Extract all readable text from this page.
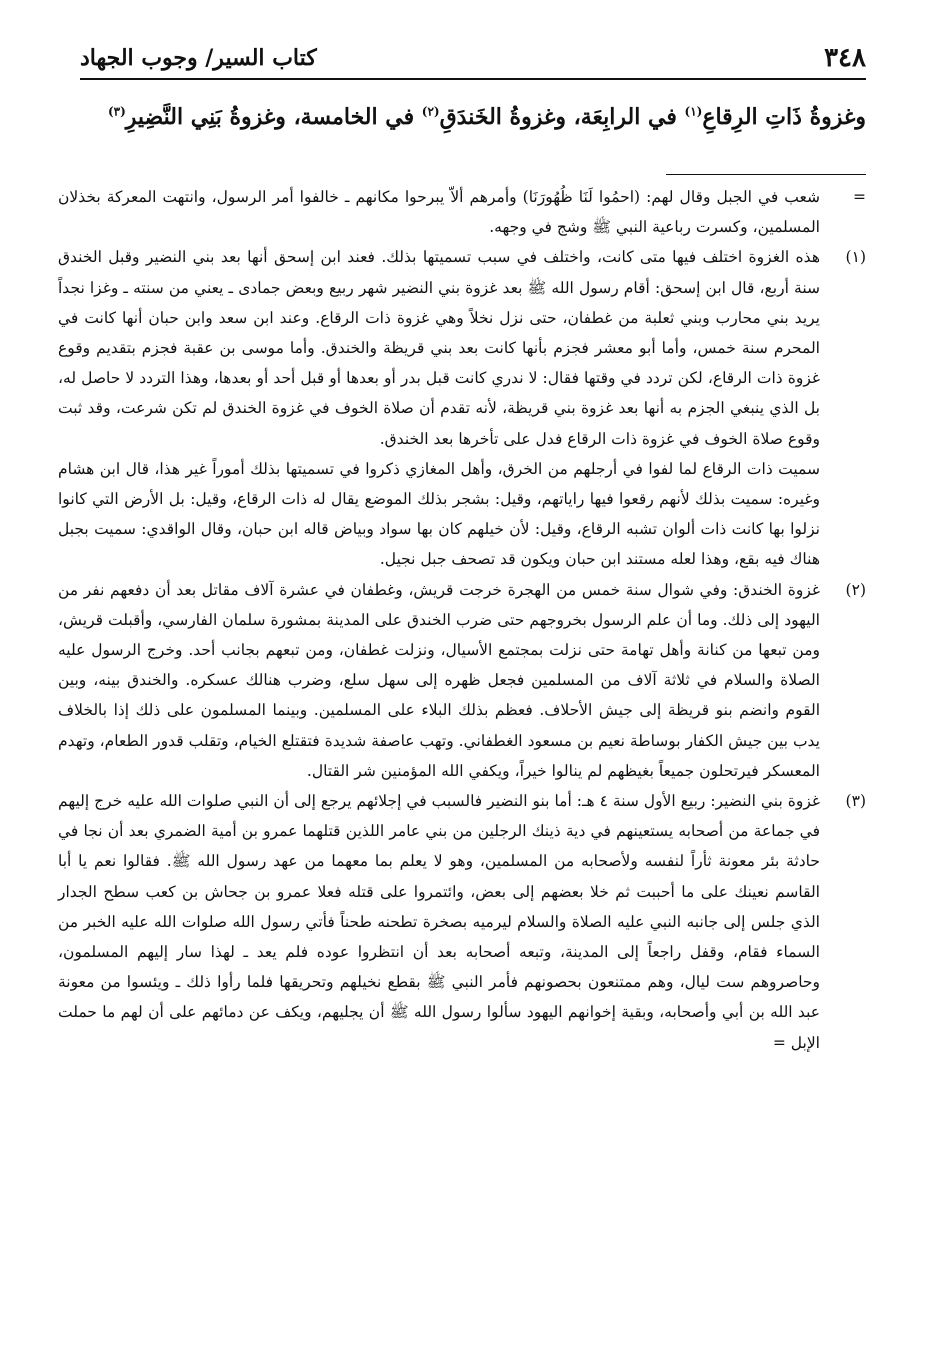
٣٤٨
كتاب السير/ وجوب الجهاد
وغزوةُ ذَاتِ الرِقاعِ$^{(١)}$ في الرابِعَة، وغزوةُ الخَندَقِ$^{(٢)}$ في الخامسة، وغزوةُ بَنِي النَّضِيرِ$^{(٣)}$
=

شعب في الجبل وقال لهم: (احمُوا لَنَا ظُهُورَنَا) وأمرهم ألاّ يبرحوا مكانهم ـ خالفوا أمر الرسول، وانتهت المعركة بخذلان المسلمين، وكسرت رباعية النبي ﷺ وشج في وجهه.

(١)

هذه الغزوة اختلف فيها متى كانت، واختلف في سبب تسميتها بذلك. فعند ابن إسحق أنها بعد بني النضير وقبل الخندق سنة أربع، قال ابن إسحق: أقام رسول الله ﷺ بعد غزوة بني النضير شهر ربيع وبعض جمادى ـ يعني من سنته ـ وغزا نجداً يريد بني محارب وبني ثعلبة من غطفان، حتى نزل نخلاً وهي غزوة ذات الرقاع. وعند ابن سعد وابن حبان أنها كانت في المحرم سنة خمس، وأما أبو معشر فجزم بأنها كانت بعد بني قريظة والخندق. وأما موسى بن عقبة فجزم بتقديم وقوع غزوة ذات الرقاع، لكن تردد في وقتها فقال: لا ندري كانت قبل بدر أو بعدها أو قبل أحد أو بعدها، وهذا التردد لا حاصل له، بل الذي ينبغي الجزم به أنها بعد غزوة بني قريظة، لأنه تقدم أن صلاة الخوف في غزوة الخندق لم تكن شرعت، وقد ثبت وقوع صلاة الخوف في غزوة ذات الرقاع فدل على تأخرها بعد الخندق.

سميت ذات الرقاع لما لفوا في أرجلهم من الخرق، وأهل المغازي ذكروا في تسميتها بذلك أموراً غير هذا، قال ابن هشام وغيره: سميت بذلك لأنهم رقعوا فيها راياتهم، وقيل: بشجر بذلك الموضع يقال له ذات الرقاع، وقيل: بل الأرض التي كانوا نزلوا بها كانت ذات ألوان تشبه الرقاع، وقيل: لأن خيلهم كان بها سواد وبياض قاله ابن حبان، وقال الواقدي: سميت بجبل هناك فيه بقع، وهذا لعله مستند ابن حبان ويكون قد تصحف جبل نجيل.

(٢)

غزوة الخندق: وفي شوال سنة خمس من الهجرة خرجت قريش، وغطفان في عشرة آلاف مقاتل بعد أن دفعهم نفر من اليهود إلى ذلك. وما أن علم الرسول بخروجهم حتى ضرب الخندق على المدينة بمشورة سلمان الفارسي، وأقبلت قريش، ومن تبعها من كنانة وأهل تهامة حتى نزلت بمجتمع الأسيال، ونزلت غطفان، ومن تبعهم بجانب أحد. وخرج الرسول عليه الصلاة والسلام في ثلاثة آلاف من المسلمين فجعل ظهره إلى سهل سلع، وضرب هنالك عسكره. والخندق بينه، وبين القوم وانضم بنو قريظة إلى جيش الأحلاف. فعظم بذلك البلاء على المسلمين. وبينما المسلمون على ذلك إذا بالخلاف يدب بين جيش الكفار بوساطة نعيم بن مسعود الغطفاني. وتهب عاصفة شديدة فتقتلع الخيام، وتقلب قدور الطعام، وتهدم المعسكر فيرتحلون جميعاً بغيظهم لم ينالوا خيراً، ويكفي الله المؤمنين شر القتال.

(٣)

غزوة بني النضير: ربيع الأول سنة ٤ هـ: أما بنو النضير فالسبب في إجلائهم يرجع إلى أن النبي صلوات الله عليه خرج إليهم في جماعة من أصحابه يستعينهم في دية ذينك الرجلين من بني عامر اللذين قتلهما عمرو بن أمية الضمري بعد أن نجا في حادثة بئر معونة ثأراً لنفسه ولأصحابه من المسلمين، وهو لا يعلم بما معهما من عهد رسول الله ﷺ. فقالوا نعم يا أبا القاسم نعينك على ما أحببت ثم خلا بعضهم إلى بعض، وائتمروا على قتله فعلا عمرو بن جحاش بن كعب سطح الجدار الذي جلس إلى جانبه النبي عليه الصلاة والسلام ليرميه بصخرة تطحنه طحناً فأتي رسول الله صلوات الله عليه الخبر من السماء فقام، وقفل راجعاً إلى المدينة، وتبعه أصحابه بعد أن انتظروا عوده فلم يعد ـ لهذا سار إليهم المسلمون، وحاصروهم ست ليال، وهم ممتنعون بحصونهم فأمر النبي ﷺ بقطع نخيلهم وتحريقها فلما رأوا ذلك ـ ويئسوا من معونة عبد الله بن أبي وأصحابه، وبقية إخوانهم اليهود سألوا رسول الله ﷺ أن يجليهم، ويكف عن دمائهم على أن لهم ما حملت الإبل =
